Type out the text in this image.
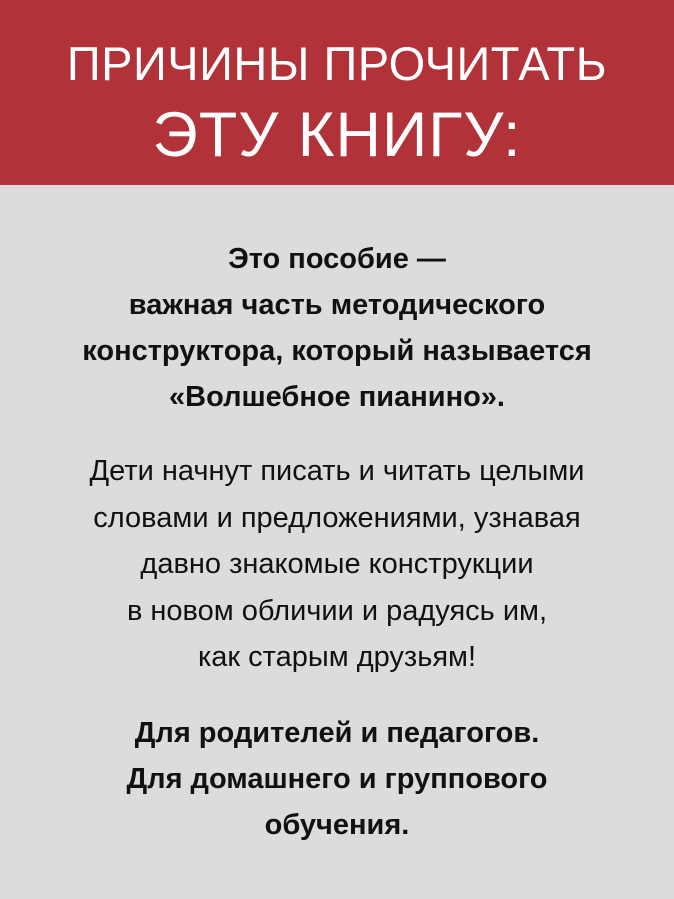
ПРИЧИНЫ ПРОЧИТАТЬ
ЭТУ КНИГУ:
Это пособие —
важная часть методического
конструктора, который называется
«Волшебное пианино».
Дети начнут писать и читать целыми
словами и предложениями, узнавая
давно знакомые конструкции
в новом обличии и радуясь им,
как старым друзьям!
Для родителей и педагогов.
Для домашнего и группового
обучения.
